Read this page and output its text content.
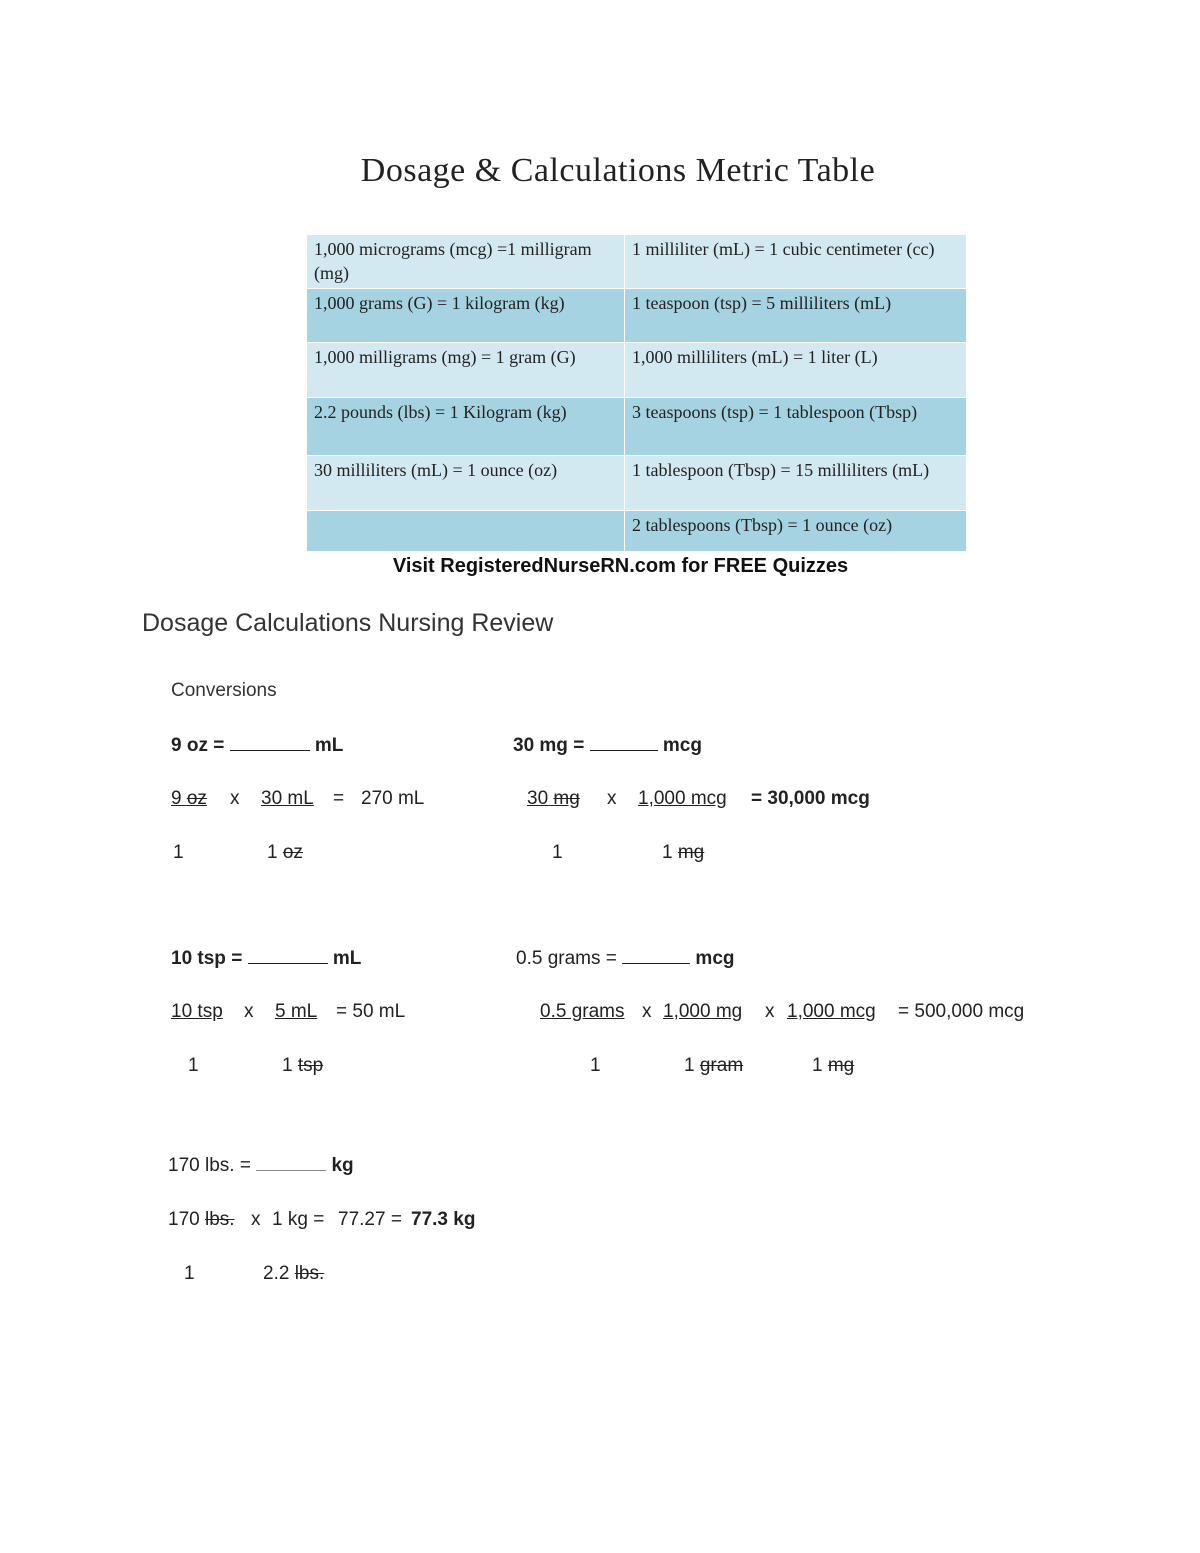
Dosage & Calculations Metric Table
1,000 micrograms (mcg) =1 milligram (mg)	1 milliliter (mL) = 1 cubic centimeter (cc)
1,000 grams (G) = 1 kilogram (kg)	1 teaspoon (tsp) = 5 milliliters (mL)
1,000 milligrams (mg) = 1 gram (G)	1,000 milliliters (mL) = 1 liter (L)
2.2 pounds (lbs) = 1 Kilogram (kg)	3 teaspoons (tsp) = 1 tablespoon (Tbsp)
30 milliliters (mL) = 1 ounce (oz)	1 tablespoon (Tbsp) = 15 milliliters (mL)
	2 tablespoons (Tbsp) = 1 ounce (oz)
Visit RegisteredNurseRN.com for FREE Quizzes
Dosage Calculations Nursing Review
Conversions
9 oz =	mL
9 oz x 30 mL = 270 mL
1	1 oz
30 mg =	mcg
30 mg x 1,000 mcg = 30,000 mcg
1	1 mg
10 tsp =	mL
10 tsp x 5 mL = 50 mL
1	1 tsp
0.5 grams =	mcg
0.5 grams x 1,000 mg x 1,000 mcg = 500,000 mcg
1	1 gram	1 mg
170 lbs. =	kg
170 lbs. x 1 kg = 77.27 = 77.3 kg
1	2.2 lbs.
